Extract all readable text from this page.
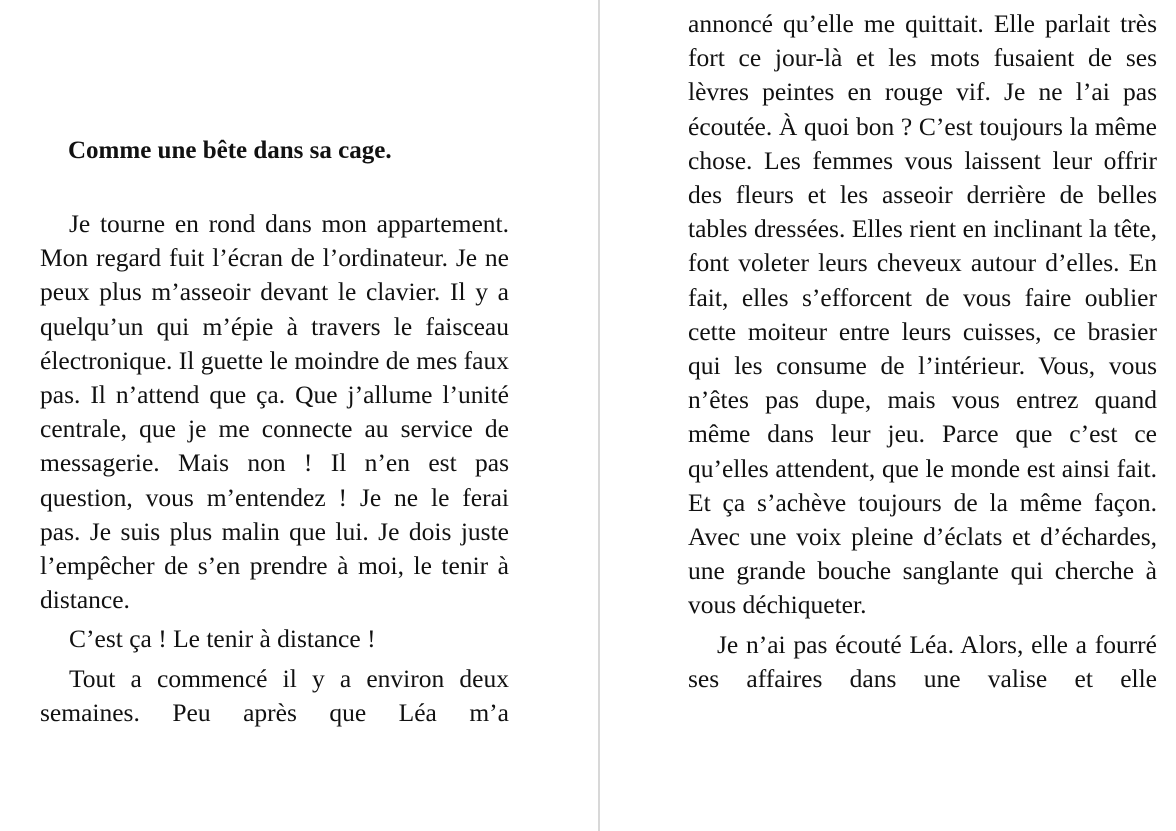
Comme une bête dans sa cage.

Je tourne en rond dans mon appartement. Mon regard fuit l’écran de l’ordinateur. Je ne peux plus m’asseoir devant le clavier. Il y a quelqu’un qui m’épie à travers le faisceau électronique. Il guette le moindre de mes faux pas. Il n’attend que ça. Que j’allume l’unité centrale, que je me connecte au service de messagerie. Mais non ! Il n’en est pas question, vous m’entendez ! Je ne le ferai pas. Je suis plus malin que lui. Je dois juste l’empêcher de s’en prendre à moi, le tenir à distance.

C’est ça ! Le tenir à distance !

Tout a commencé il y a environ deux semaines. Peu après que Léa m’a

annoncé qu’elle me quittait. Elle parlait très fort ce jour-là et les mots fusaient de ses lèvres peintes en rouge vif. Je ne l’ai pas écoutée. À quoi bon ? C’est toujours la même chose. Les femmes vous laissent leur offrir des fleurs et les asseoir derrière de belles tables dressées. Elles rient en inclinant la tête, font voleter leurs cheveux autour d’elles. En fait, elles s’efforcent de vous faire oublier cette moiteur entre leurs cuisses, ce brasier qui les consume de l’intérieur. Vous, vous n’êtes pas dupe, mais vous entrez quand même dans leur jeu. Parce que c’est ce qu’elles attendent, que le monde est ainsi fait. Et ça s’achève toujours de la même façon. Avec une voix pleine d’éclats et d’échardes, une grande bouche sanglante qui cherche à vous déchiqueter.

Je n’ai pas écouté Léa. Alors, elle a fourré ses affaires dans une valise et elle
